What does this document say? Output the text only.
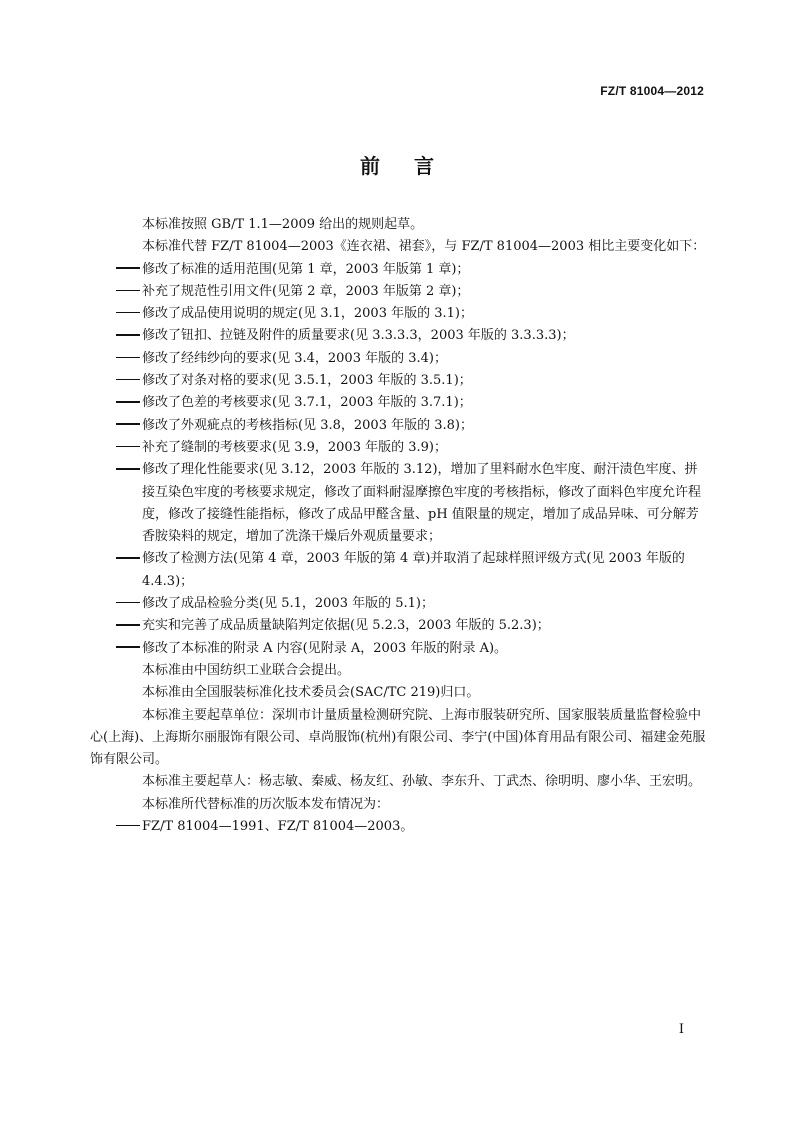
FZ/T 81004—2012
前言

本标准按照 GB/T 1.1—2009 给出的规则起草。

本标准代替 FZ/T 81004—2003《连衣裙、裙套》，与 FZ/T 81004—2003 相比主要变化如下：

修改了标准的适用范围(见第 1 章，2003 年版第 1 章)；

补充了规范性引用文件(见第 2 章，2003 年版第 2 章)；

修改了成品使用说明的规定(见 3.1，2003 年版的 3.1)；

修改了钮扣、拉链及附件的质量要求(见 3.3.3.3，2003 年版的 3.3.3.3)；

修改了经纬纱向的要求(见 3.4，2003 年版的 3.4)；

修改了对条对格的要求(见 3.5.1，2003 年版的 3.5.1)；

修改了色差的考核要求(见 3.7.1，2003 年版的 3.7.1)；

修改了外观疵点的考核指标(见 3.8，2003 年版的 3.8)；

补充了缝制的考核要求(见 3.9，2003 年版的 3.9)；

修改了理化性能要求(见 3.12，2003 年版的 3.12)，增加了里料耐水色牢度、耐汗渍色牢度、拼接互染色牢度的考核要求规定，修改了面料耐湿摩擦色牢度的考核指标，修改了面料色牢度允许程度，修改了接缝性能指标，修改了成品甲醛含量、pH 值限量的规定，增加了成品异味、可分解芳香胺染料的规定，增加了洗涤干燥后外观质量要求；

修改了检测方法(见第 4 章，2003 年版的第 4 章)并取消了起球样照评级方式(见 2003 年版的 4.4.3)；

修改了成品检验分类(见 5.1，2003 年版的 5.1)；

充实和完善了成品质量缺陷判定依据(见 5.2.3，2003 年版的 5.2.3)；

修改了本标准的附录 A 内容(见附录 A，2003 年版的附录 A)。

本标准由中国纺织工业联合会提出。

本标准由全国服装标准化技术委员会(SAC/TC 219)归口。

本标准主要起草单位：深圳市计量质量检测研究院、上海市服装研究所、国家服装质量监督检验中心(上海)、上海斯尔丽服饰有限公司、卓尚服饰(杭州)有限公司、李宁(中国)体育用品有限公司、福建金苑服饰有限公司。

本标准主要起草人：杨志敏、秦威、杨友红、孙敏、李东升、丁武杰、徐明明、廖小华、王宏明。

本标准所代替标准的历次版本发布情况为：

FZ/T 81004—1991、FZ/T 81004—2003。

I
